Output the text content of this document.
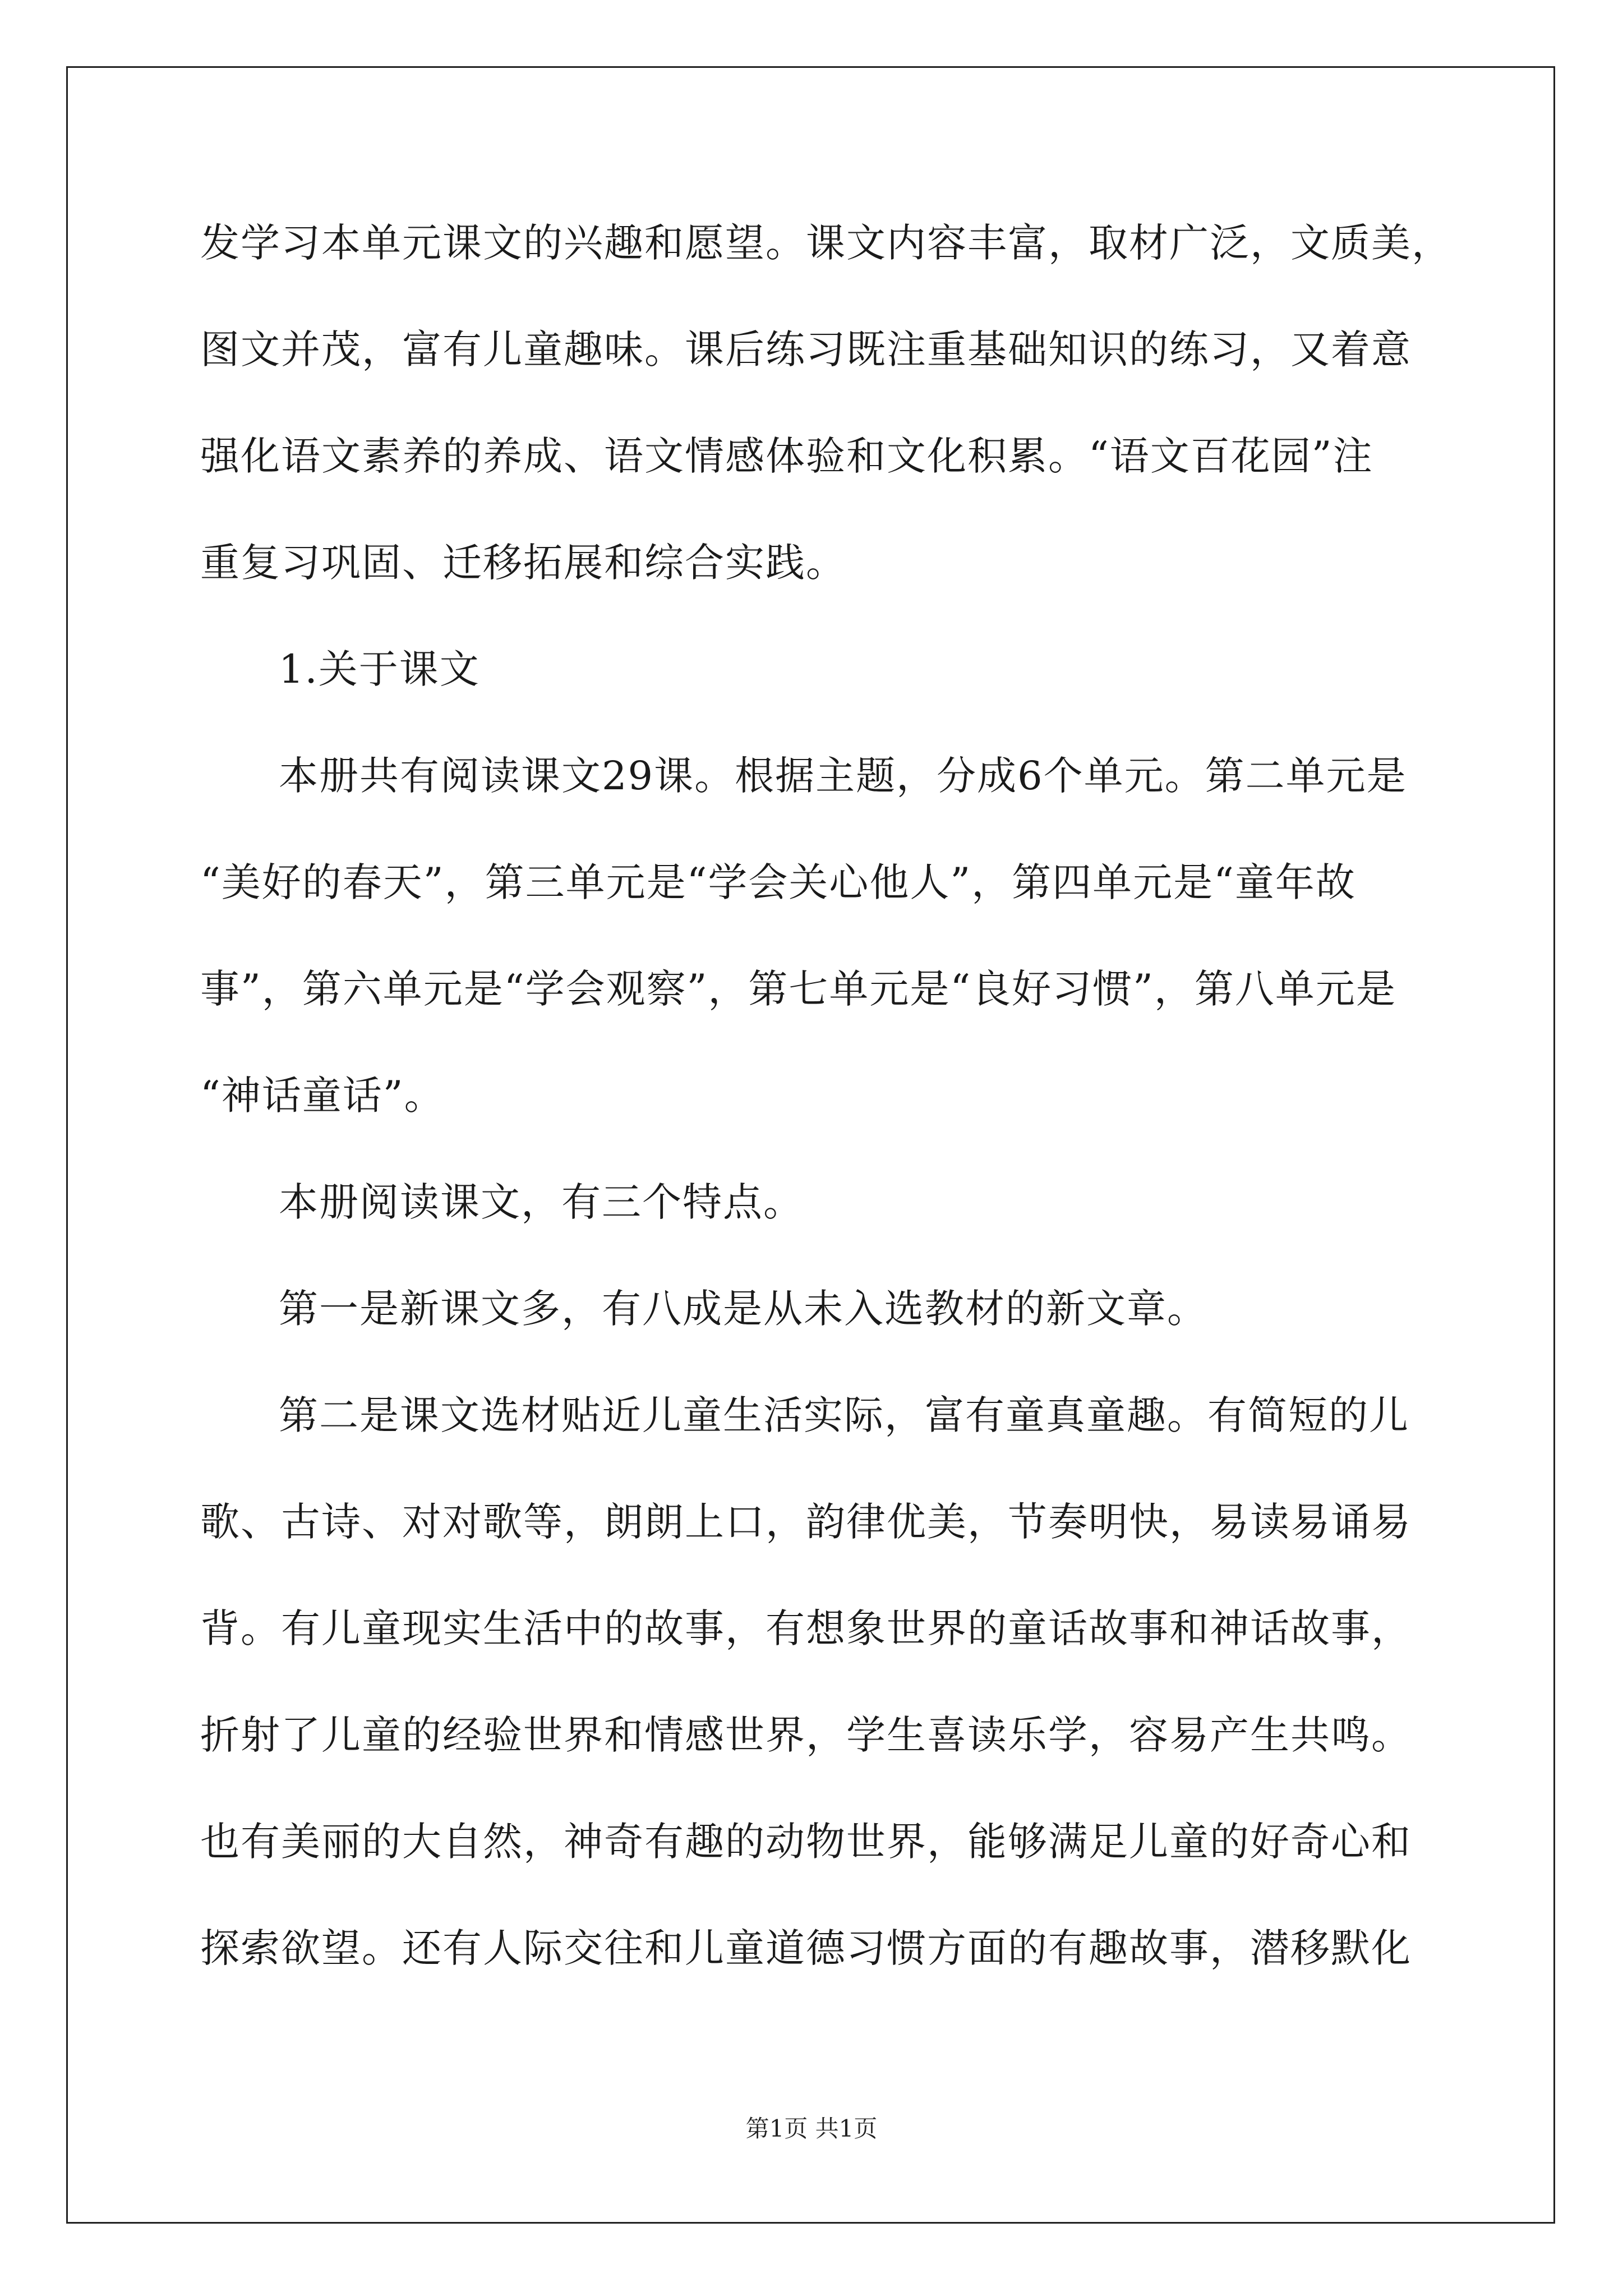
发学习本单元课文的兴趣和愿望。课文内容丰富，取材广泛，文质美，
图文并茂，富有儿童趣味。课后练习既注重基础知识的练习，又着意
强化语文素养的养成、语文情感体验和文化积累。“语文百花园”注
重复习巩固、迁移拓展和综合实践。
1.关于课文
本册共有阅读课文29课。根据主题，分成6个单元。第二单元是
“美好的春天”，第三单元是“学会关心他人”，第四单元是“童年故
事”，第六单元是“学会观察”，第七单元是“良好习惯”，第八单元是
“神话童话”。
本册阅读课文，有三个特点。
第一是新课文多，有八成是从未入选教材的新文章。
第二是课文选材贴近儿童生活实际，富有童真童趣。有简短的儿
歌、古诗、对对歌等，朗朗上口，韵律优美，节奏明快，易读易诵易
背。有儿童现实生活中的故事，有想象世界的童话故事和神话故事，
折射了儿童的经验世界和情感世界，学生喜读乐学，容易产生共鸣。
也有美丽的大自然，神奇有趣的动物世界，能够满足儿童的好奇心和
探索欲望。还有人际交往和儿童道德习惯方面的有趣故事，潜移默化
第1页 共1页
